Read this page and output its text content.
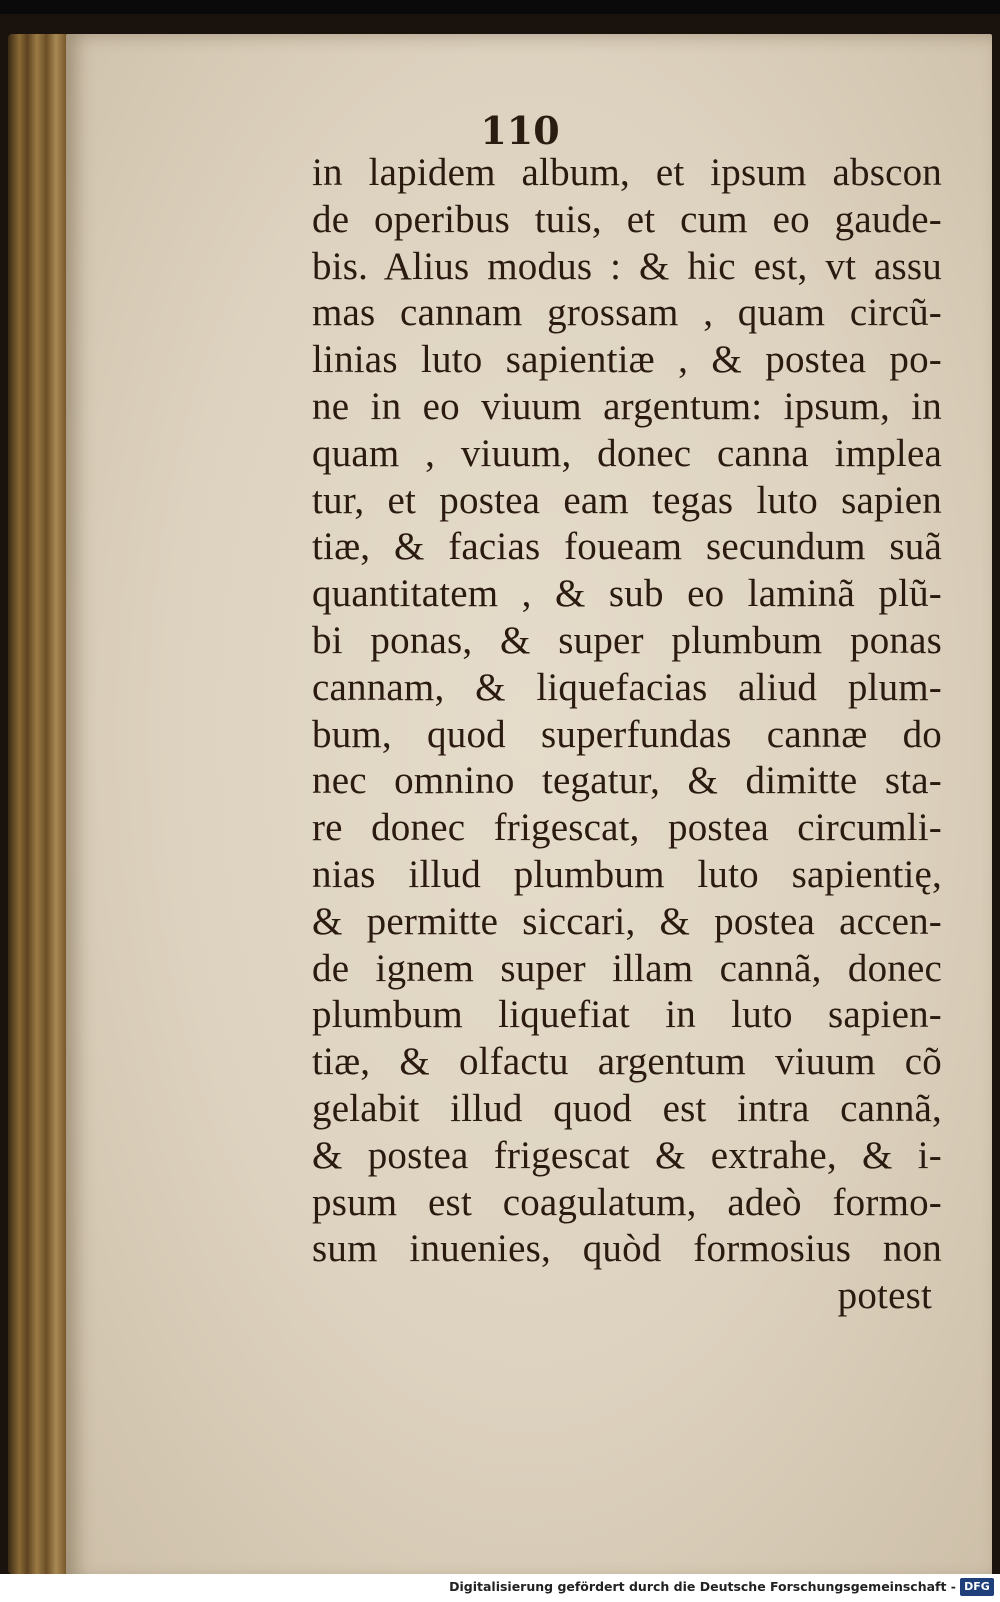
110
in lapidem album, et ipsum abscon
de operibus tuis, et cum eo gaude-
bis. Alius modus : & hic est, vt assu
mas cannam grossam , quam circũ-
linias luto sapientiæ , & postea po-
ne in eo viuum argentum: ipsum, in
quam , viuum, donec canna implea
tur, et postea eam tegas luto sapien
tiæ, & facias foueam secundum suã
quantitatem , & sub eo laminã plũ-
bi ponas, & super plumbum ponas
cannam, & liquefacias aliud plum-
bum, quod superfundas cannæ do
nec omnino tegatur, & dimitte sta-
re donec frigescat, postea circumli-
nias illud plumbum luto sapientię,
& permitte siccari, & postea accen-
de ignem super illam cannã, donec
plumbum liquefiat in luto sapien-
tiæ, & olfactu argentum viuum cõ
gelabit illud quod est intra cannã,
& postea frigescat & extrahe, & i-
psum est coagulatum, adeò formo-
sum inuenies, quòd formosius non
potest
Digitalisierung gefördert durch die Deutsche Forschungsgemeinschaft - DFG
